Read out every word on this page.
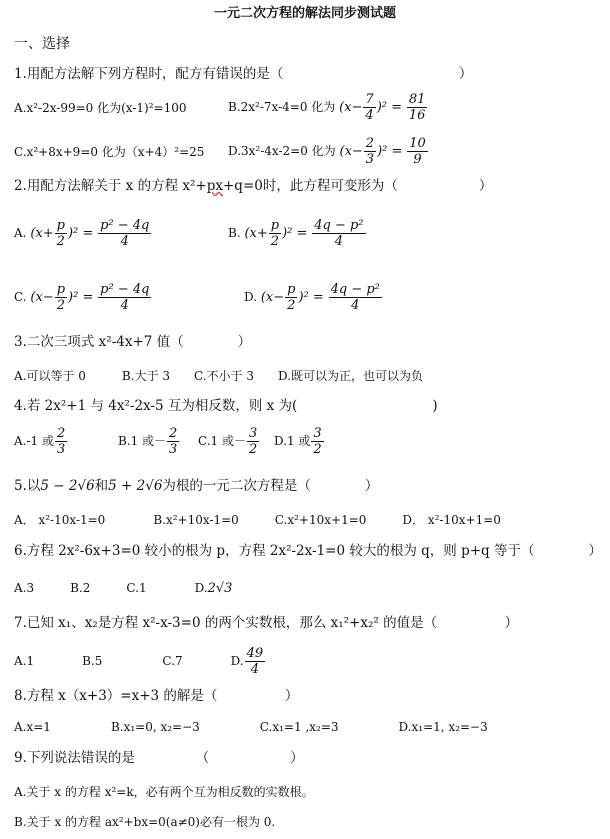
一元二次方程的解法同步测试题
一、选择
1.用配方法解下列方程时，配方有错误的是（　　　　　　　　　　　　　）
A.x²-2x-99=0 化为(x-1)²=100	B.2x²-7x-4=0 化为 $(x- \frac{7}{4} )^2 = \frac{81}{16}$
C.x²+8x+9=0 化为（x+4）²=25 D.3x²-4x-2=0 化为 $(x- \frac{2}{3} )^2 = \frac{10}{9}$
2.用配方法解关于 x 的方程 x²+px+q=0时，此方程可变形为（　　　　　　）
A. $(x+ \frac{p}{2} )^2 = \frac{\text{p² − 4q}}{4}$	B. $(x+ \frac{p}{2} )^2 = \frac{\text{4q − p²}}{4}$
C. $(x- \frac{p}{2} )^2 = \frac{\text{p² − 4q}}{4}$	D. $(x- \frac{p}{2} )^2 = \frac{\text{4q − p²}}{4}$
3.二次三项式 x²-4x+7 值（　　　　）
A.可以等于 0　　　B.大于 3　　C.不小于 3　　D.既可以为正，也可以为负
4.若 2x²+1 与 4x²-2x-5 互为相反数，则 x 为(　　　　　　　　　　)
A.-1 或 $\frac{2}{3}$	B.1 或－ $\frac{2}{3} C.1$ 或－ $\frac{3}{2} D.1$ 或 $\frac{3}{2}$
5.以5 − 2√6和5 + 2√6为根的一元二次方程是（　　　　）
A． x²-10x-1=0　　　　B.x²+10x-1=0　　　C.x²+10x+1=0　　　D． x²-10x+1=0
6.方程 2x²-6x+3=0 较小的根为 p，方程 2x²-2x-1=0 较大的根为 q，则 p+q 等于（　　　　）
A.3　　　B.2　　　C.1　　　　D.2√3
7.已知 x₁、x₂是方程 x²-x-3=0 的两个实数根，那么 x₁²+x₂² 的值是（　　　　　）
A.1　　　　B.5　　　　　C.7　　　　D. $\frac{49}{4}$
8.方程 x（x+3）=x+3 的解是（　　　　　）
A.x=1　　　　　B.x₁=0, x₂=−3　　　　　C.x₁=1 ,x₂=3　　　　　D.x₁=1, x₂=−3
9.下列说法错误的是　　　　　（　　　　　　）
A.关于 x 的方程 x²=k，必有两个互为相反数的实数根。
B.关于 x 的方程 ax²+bx=0(a≠0)必有一根为 0.
